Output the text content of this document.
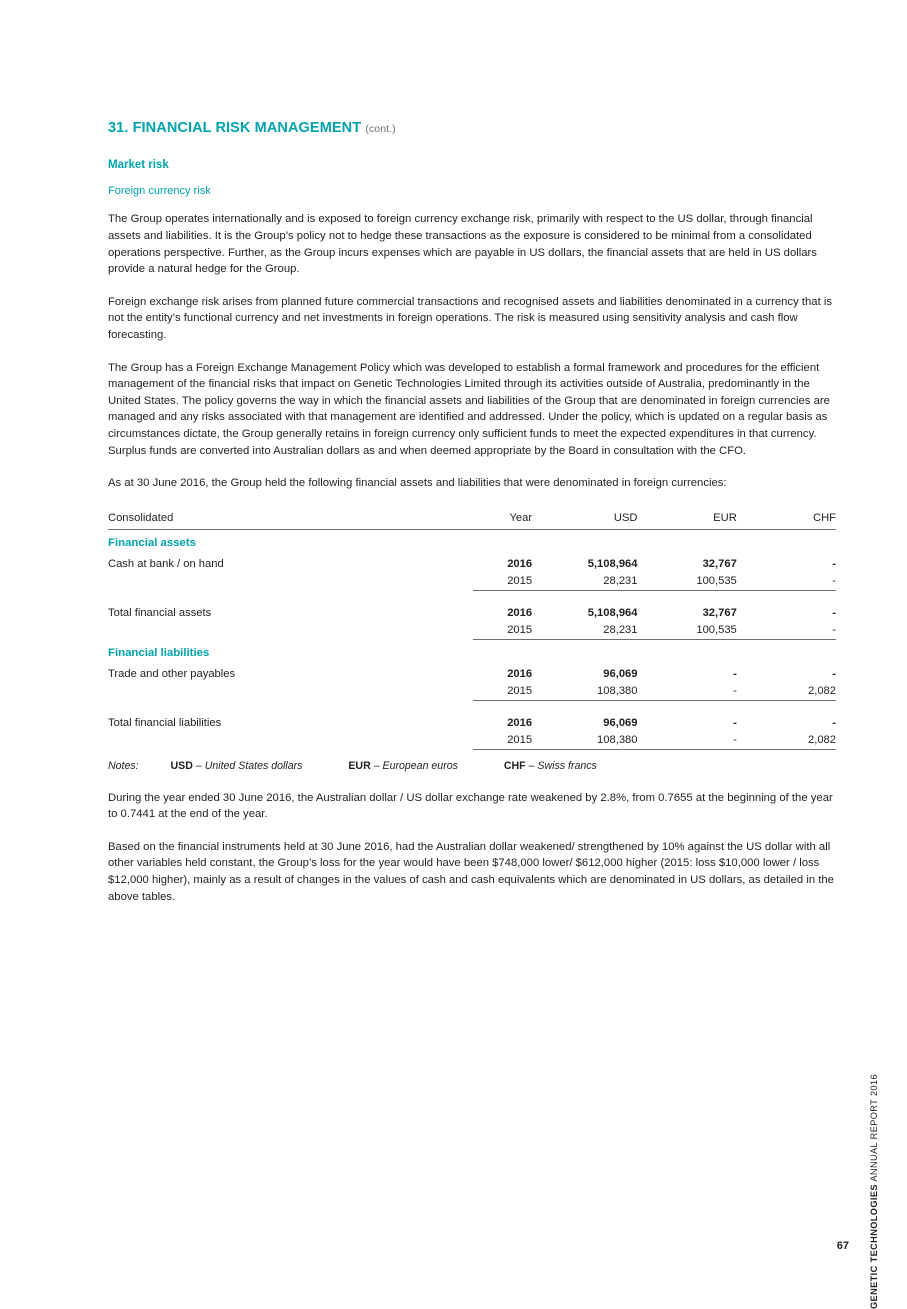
31. FINANCIAL RISK MANAGEMENT (cont.)
Market risk
Foreign currency risk

The Group operates internationally and is exposed to foreign currency exchange risk, primarily with respect to the US dollar, through financial assets and liabilities. It is the Group’s policy not to hedge these transactions as the exposure is considered to be minimal from a consolidated operations perspective. Further, as the Group incurs expenses which are payable in US dollars, the financial assets that are held in US dollars provide a natural hedge for the Group.

Foreign exchange risk arises from planned future commercial transactions and recognised assets and liabilities denominated in a currency that is not the entity’s functional currency and net investments in foreign operations. The risk is measured using sensitivity analysis and cash flow forecasting.

The Group has a Foreign Exchange Management Policy which was developed to establish a formal framework and procedures for the efficient management of the financial risks that impact on Genetic Technologies Limited through its activities outside of Australia, predominantly in the United States. The policy governs the way in which the financial assets and liabilities of the Group that are denominated in foreign currencies are managed and any risks associated with that management are identified and addressed. Under the policy, which is updated on a regular basis as circumstances dictate, the Group generally retains in foreign currency only sufficient funds to meet the expected expenditures in that currency. Surplus funds are converted into Australian dollars as and when deemed appropriate by the Board in consultation with the CFO.

As at 30 June 2016, the Group held the following financial assets and liabilities that were denominated in foreign currencies:

Consolidated	Year	USD	EUR	CHF
Financial assets				
Cash at bank / on hand	2016	5,108,964	32,767	-
	2015	28,231	100,535	-

Total financial assets	2016	5,108,964	32,767	-
	2015	28,231	100,535	-
Financial liabilities				
Trade and other payables	2016	96,069	-	-
	2015	108,380	-	2,082

Total financial liabilities	2016	96,069	-	-
	2015	108,380	-	2,082
Notes:	USD – United States dollars	EUR – European euros	CHF – Swiss francs

During the year ended 30 June 2016, the Australian dollar / US dollar exchange rate weakened by 2.8%, from 0.7655 at the beginning of the year to 0.7441 at the end of the year.

Based on the financial instruments held at 30 June 2016, had the Australian dollar weakened/ strengthened by 10% against the US dollar with all other variables held constant, the Group’s loss for the year would have been $748,000 lower/ $612,000 higher (2015: loss $10,000 lower / loss $12,000 higher), mainly as a result of changes in the values of cash and cash equivalents which are denominated in US dollars, as detailed in the above tables.

GENETIC TECHNOLOGIES ANNUAL REPORT 2016
67
